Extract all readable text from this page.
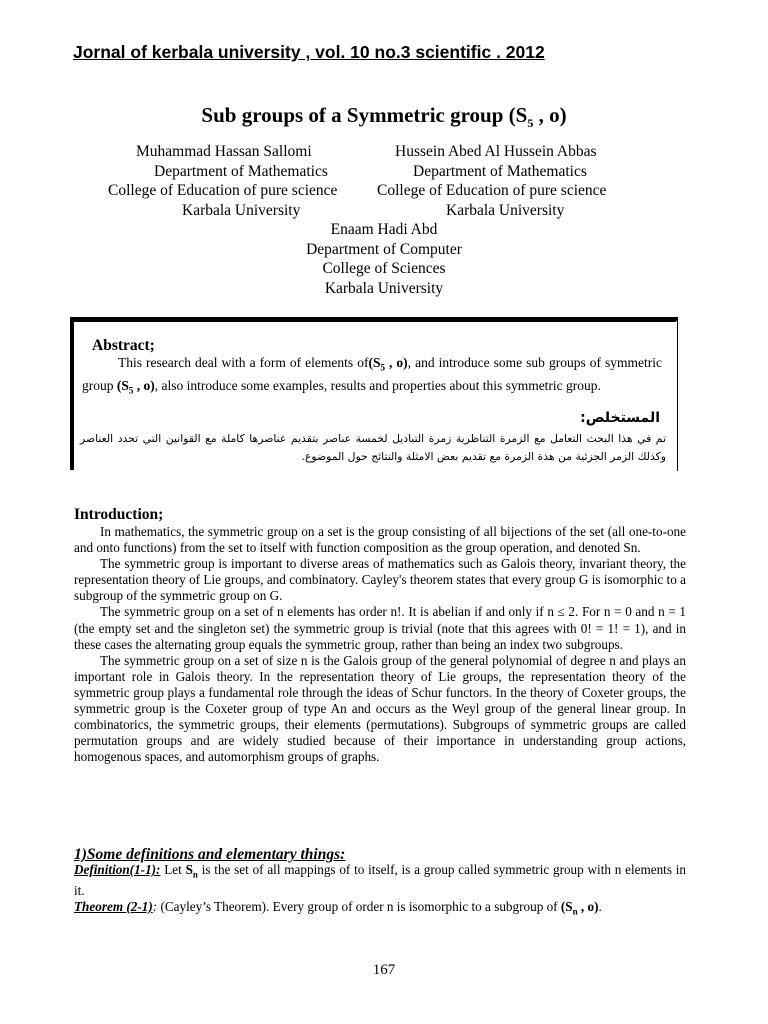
Jornal of kerbala university , vol. 10 no.3 scientific . 2012
Sub groups of a Symmetric group ($S_5$ , o)
Muhammad Hassan Sallomi	Hussein Abed Al Hussein Abbas
Department of Mathematics	Department of Mathematics
College of Education of pure science	College of Education of pure science
Karbala University	Karbala University
Enaam Hadi Abd
Department of Computer
College of Sciences
Karbala University
Abstract;
This research deal with a form of elements $of(S_5$ , o), and introduce some sub groups of symmetric group ($S_5$ , o), also introduce some examples, results and properties about this symmetric group.
المستخلص:
تم في هذا البحث التعامل مع الزمرة التناظرية زمرة التباديل لخمسة عناصر بتقديم عناصرها كاملة مع القوانين التي تحدد العناصر وكذلك الزمر الجزئية من هذة الزمرة مع تقديم بعض الامثلة والنتائج حول الموضوع.
Introduction;

In mathematics, the symmetric group on a set is the group consisting of all bijections of the set (all one-to-one and onto functions) from the set to itself with function composition as the group operation, and denoted Sn.

The symmetric group is important to diverse areas of mathematics such as Galois theory, invariant theory, the representation theory of Lie groups, and combinatory. Cayley's theorem states that every group G is isomorphic to a subgroup of the symmetric group on G.

The symmetric group on a set of n elements has order n!. It is abelian if and only if n ≤ 2. For n = 0 and n = 1 (the empty set and the singleton set) the symmetric group is trivial (note that this agrees with 0! = 1! = 1), and in these cases the alternating group equals the symmetric group, rather than being an index two subgroups.

The symmetric group on a set of size n is the Galois group of the general polynomial of degree n and plays an important role in Galois theory. In the representation theory of Lie groups, the representation theory of the symmetric group plays a fundamental role through the ideas of Schur functors. In the theory of Coxeter groups, the symmetric group is the Coxeter group of type An and occurs as the Weyl group of the general linear group. In combinatorics, the symmetric groups, their elements (permutations). Subgroups of symmetric groups are called permutation groups and are widely studied because of their importance in understanding group actions, homogenous spaces, and automorphism groups of graphs.

1)Some definitions and elementary things:

Definition(1-1): Let $S_n$ is the set of all mappings of to itself, is a group called symmetric group with n elements in it.

Theorem (2-1): (Cayley’s Theorem). Every group of order n is isomorphic to a subgroup of ($S_n$ , o).

167
